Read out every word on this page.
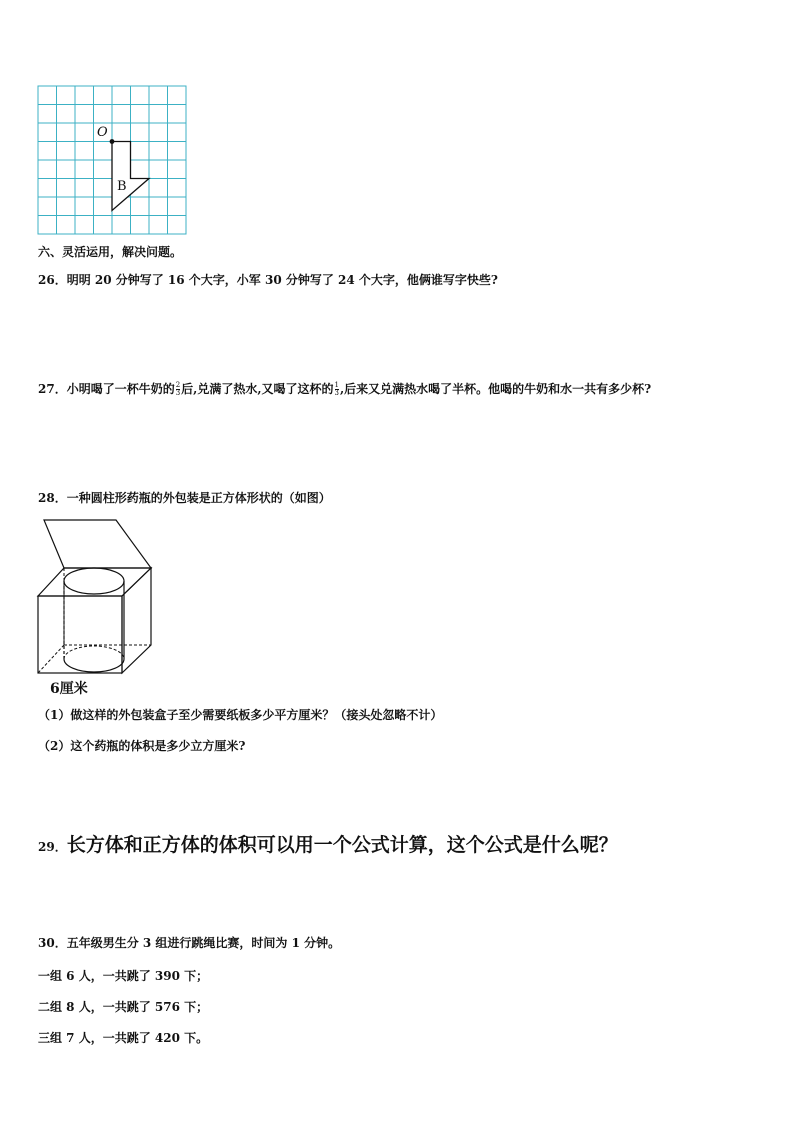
O
B
六、灵活运用，解决问题。
26．明明 20 分钟写了 16 个大字，小军 30 分钟写了 24 个大字，他俩谁写字快些?
27．小明喝了一杯牛奶的 $\frac{2}{3}$ 后,兑满了热水,又喝了这杯的 $\frac{1}{3}$ ,后来又兑满热水喝了半杯。他喝的牛奶和水一共有多少杯?
28．一种圆柱形药瓶的外包装是正方体形状的（如图）
6厘米
（1）做这样的外包装盒子至少需要纸板多少平方厘米？（接头处忽略不计）
（2）这个药瓶的体积是多少立方厘米?
29．长方体和正方体的体积可以用一个公式计算，这个公式是什么呢？
30．五年级男生分 3 组进行跳绳比赛，时间为 1 分钟。
一组 6 人，一共跳了 390 下；
二组 8 人，一共跳了 576 下；
三组 7 人，一共跳了 420 下。
